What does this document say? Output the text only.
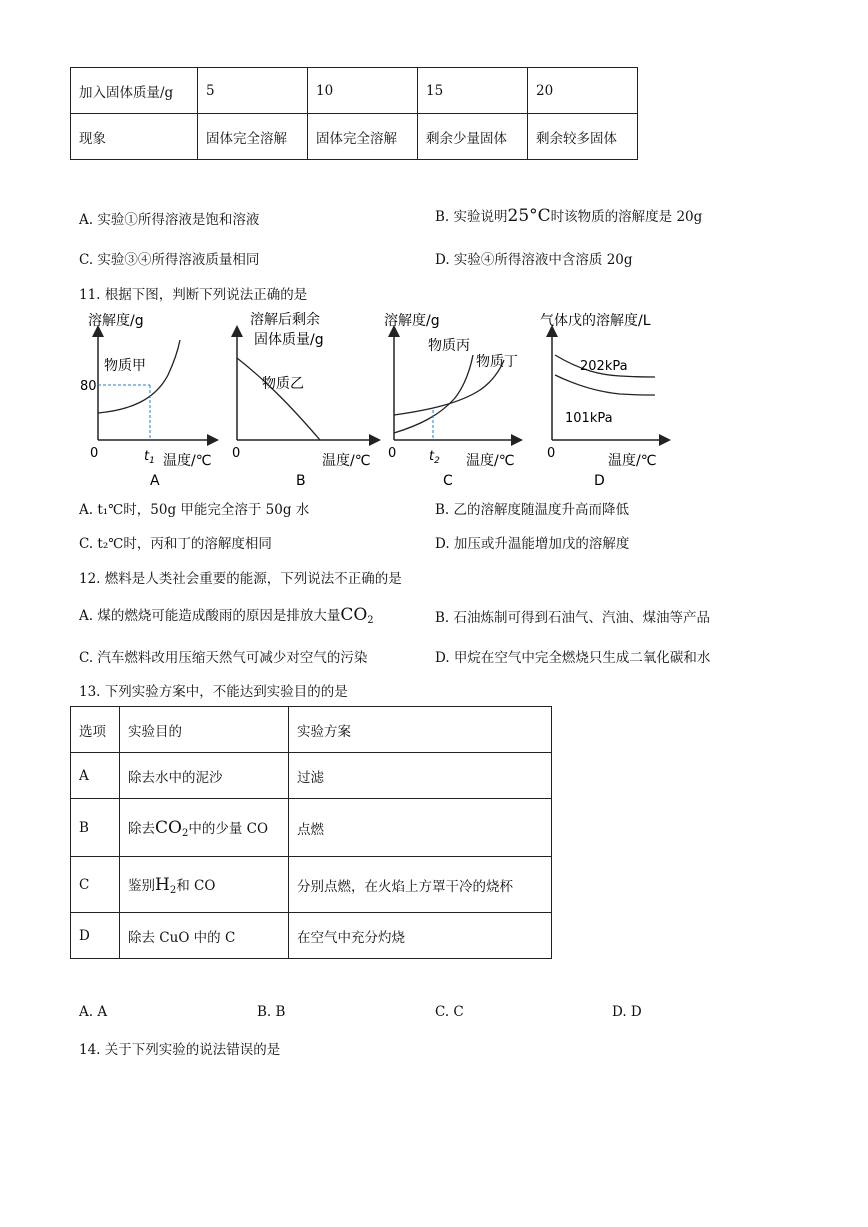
加入固体质量/g	5	10	15	20
现象	固体完全溶解	固体完全溶解	剩余少量固体	剩余较多固体
A. 实验①所得溶液是饱和溶液	B. 实验说明25°C时该物质的溶解度是 20g
C. 实验③④所得溶液质量相同	D. 实验④所得溶液中含溶质 20g
11. 根据下图，判断下列说法正确的是
溶解度/g
物质甲
80
0	$t_1$ 温度/℃
A
溶解后剩余
固体质量/g
物质乙
0	温度/℃
B
溶解度/g
物质丙
物质丁
0	$t_2$ 温度/℃
C
气体戊的溶解度/L
202kPa
101kPa
0	温度/℃
D
A. t₁℃时，50g 甲能完全溶于 50g 水	B. 乙的溶解度随温度升高而降低
C. t₂℃时，丙和丁的溶解度相同	D. 加压或升温能增加戊的溶解度
12. 燃料是人类社会重要的能源，下列说法不正确的是
A. 煤的燃烧可能造成酸雨的原因是排放大量$CO_2$	B. 石油炼制可得到石油气、汽油、煤油等产品
C. 汽车燃料改用压缩天然气可减少对空气的污染	D. 甲烷在空气中完全燃烧只生成二氧化碳和水
13. 下列实验方案中，不能达到实验目的的是
选项	实验目的	实验方案
A	除去水中的泥沙	过滤
B	除去$CO_2$中的少量 CO	点燃
C	鉴别$H_2$和 CO	分别点燃，在火焰上方罩干冷的烧杯
D	除去 CuO 中的 C	在空气中充分灼烧
A. A	B. B	C. C	D. D
14. 关于下列实验的说法错误的是
